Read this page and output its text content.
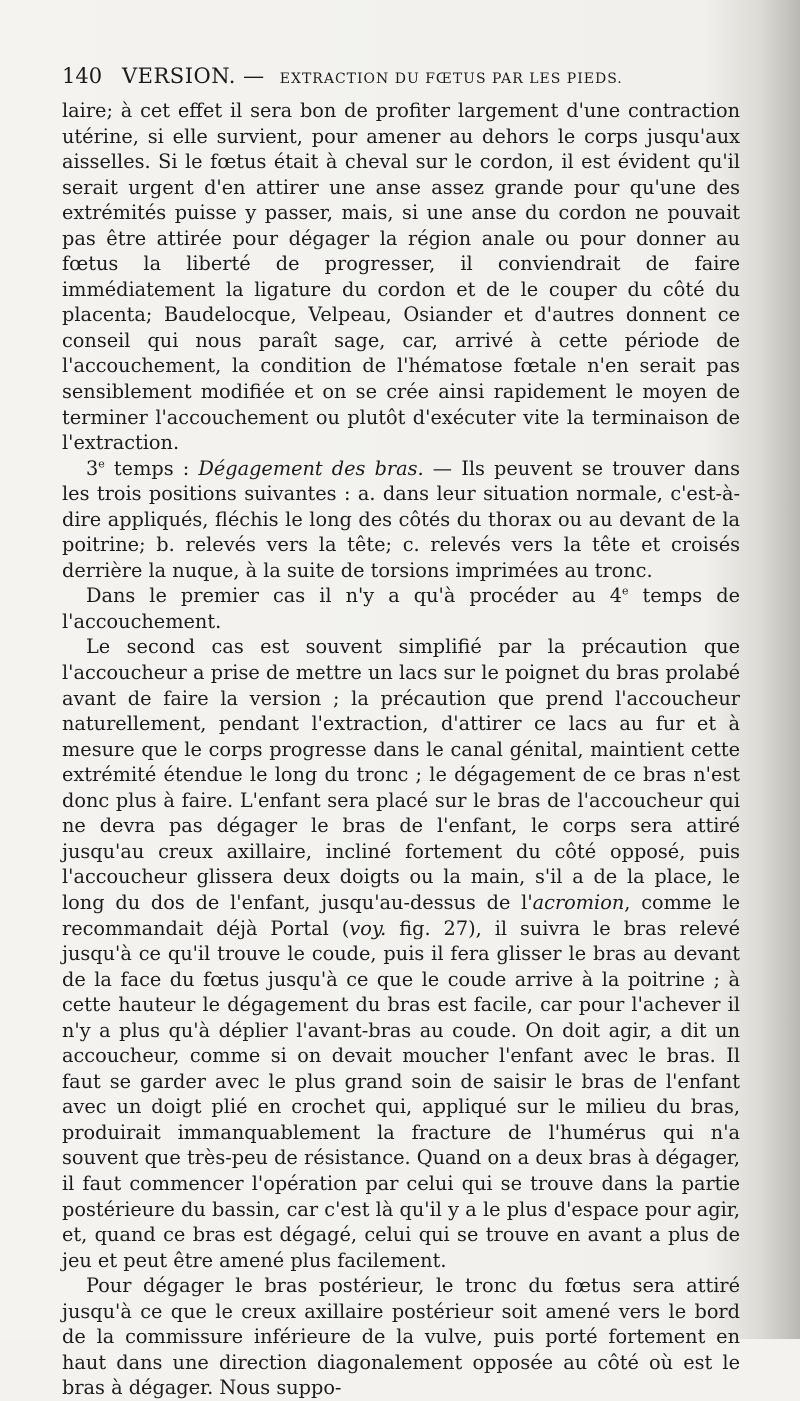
140 VERSION. — EXTRACTION DU FŒTUS PAR LES PIEDS.

laire; à cet effet il sera bon de profiter largement d'une contraction utérine, si elle survient, pour amener au dehors le corps jusqu'aux aisselles. Si le fœtus était à cheval sur le cordon, il est évident qu'il serait urgent d'en attirer une anse assez grande pour qu'une des extrémités puisse y passer, mais, si une anse du cordon ne pouvait pas être attirée pour dégager la région anale ou pour donner au fœtus la liberté de progresser, il conviendrait de faire immédiatement la ligature du cordon et de le couper du côté du placenta; Baudelocque, Velpeau, Osiander et d'autres donnent ce conseil qui nous paraît sage, car, arrivé à cette période de l'accouchement, la condition de l'hématose fœtale n'en serait pas sensiblement modifiée et on se crée ainsi rapidement le moyen de terminer l'accouchement ou plutôt d'exécuter vite la terminaison de l'extraction.

3e temps : Dégagement des bras. — Ils peuvent se trouver dans les trois positions suivantes : a. dans leur situation normale, c'est-à-dire appliqués, fléchis le long des côtés du thorax ou au devant de la poitrine; b. relevés vers la tête; c. relevés vers la tête et croisés derrière la nuque, à la suite de torsions imprimées au tronc.

Dans le premier cas il n'y a qu'à procéder au 4e temps de l'accouchement.

Le second cas est souvent simplifié par la précaution que l'accoucheur a prise de mettre un lacs sur le poignet du bras prolabé avant de faire la version ; la précaution que prend l'accoucheur naturellement, pendant l'extraction, d'attirer ce lacs au fur et à mesure que le corps progresse dans le canal génital, maintient cette extrémité étendue le long du tronc ; le dégagement de ce bras n'est donc plus à faire. L'enfant sera placé sur le bras de l'accoucheur qui ne devra pas dégager le bras de l'enfant, le corps sera attiré jusqu'au creux axillaire, incliné fortement du côté opposé, puis l'accoucheur glissera deux doigts ou la main, s'il a de la place, le long du dos de l'enfant, jusqu'au-dessus de l'acromion, comme le recommandait déjà Portal (voy. fig. 27), il suivra le bras relevé jusqu'à ce qu'il trouve le coude, puis il fera glisser le bras au devant de la face du fœtus jusqu'à ce que le coude arrive à la poitrine ; à cette hauteur le dégagement du bras est facile, car pour l'achever il n'y a plus qu'à déplier l'avant-bras au coude. On doit agir, a dit un accoucheur, comme si on devait moucher l'enfant avec le bras. Il faut se garder avec le plus grand soin de saisir le bras de l'enfant avec un doigt plié en crochet qui, appliqué sur le milieu du bras, produirait immanquablement la fracture de l'humérus qui n'a souvent que très-peu de résistance. Quand on a deux bras à dégager, il faut commencer l'opération par celui qui se trouve dans la partie postérieure du bassin, car c'est là qu'il y a le plus d'espace pour agir, et, quand ce bras est dégagé, celui qui se trouve en avant a plus de jeu et peut être amené plus facilement.

Pour dégager le bras postérieur, le tronc du fœtus sera attiré jusqu'à ce que le creux axillaire postérieur soit amené vers le bord de la commissure inférieure de la vulve, puis porté fortement en haut dans une direction diagonalement opposée au côté où est le bras à dégager. Nous suppo-
